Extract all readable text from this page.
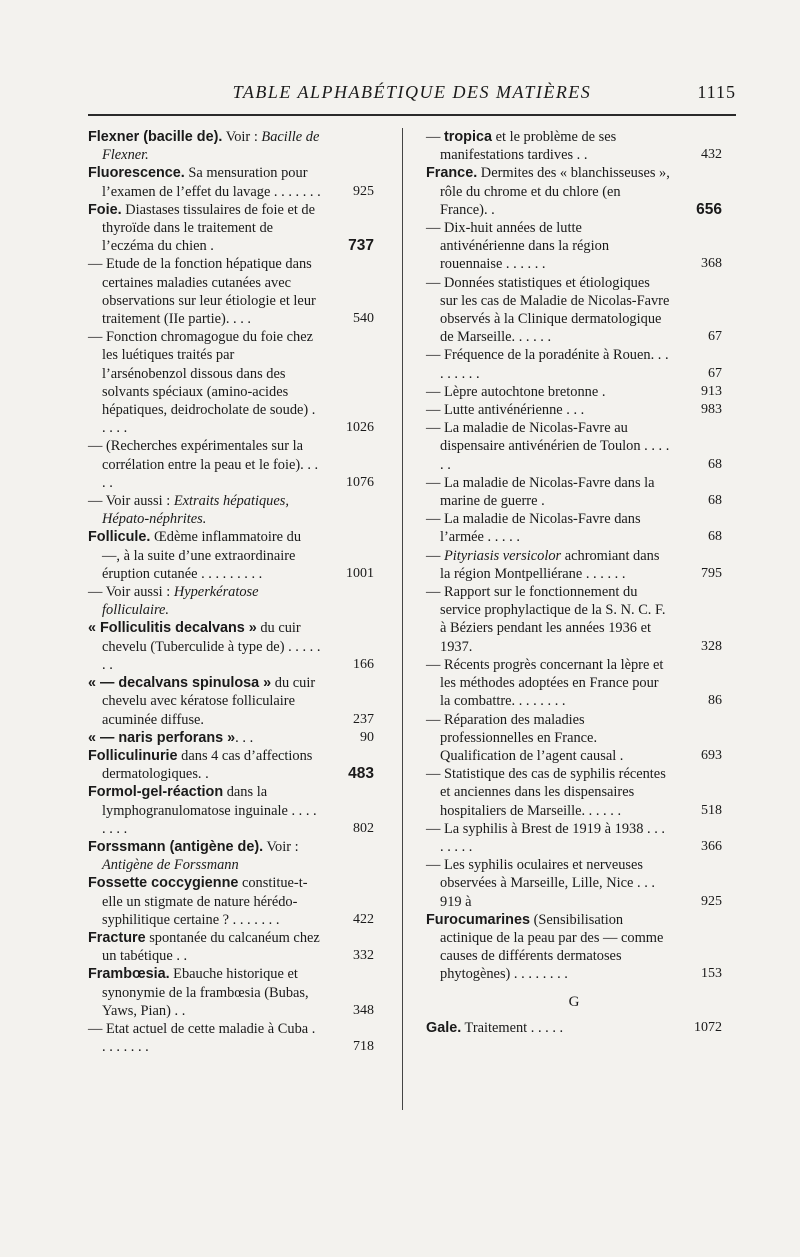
TABLE ALPHABÉTIQUE DES MATIÈRES	1115
Flexner (bacille de). Voir : Bacille de Flexner.
Fluorescence. Sa mensuration pour l’examen de l’effet du lavage . . . . . . . 925
Foie. Diastases tissulaires de foie et de thyroïde dans le traitement de l’eczéma du chien .	737
— Etude de la fonction hépatique dans certaines maladies cutanées avec observations sur leur étiologie et leur traitement (IIe partie). . . .	540
— Fonction chromagogue du foie chez les luétiques traités par l’arsénobenzol dissous dans des solvants spéciaux (amino-acides hépatiques, deidrocholate de soude) . . . . .	1026
— (Recherches expérimentales sur la corrélation entre la peau et le foie). . . . .	1076
— Voir aussi : Extraits hépatiques, Hépato-néphrites.
Follicule. Œdème inflammatoire du —, à la suite d’une extraordinaire éruption cutanée . . . . . . . . .	1001
— Voir aussi : Hyperkératose folliculaire.
« Folliculitis decalvans » du cuir chevelu (Tuberculide à type de) . . . . . . .	166
« — decalvans spinulosa » du cuir chevelu avec kératose folliculaire acuminée diffuse.	237
« — naris perforans ». . .	90
Folliculinurie dans 4 cas d’affections dermatologiques. .	483
Formol-gel-réaction dans la lymphogranulomatose inguinale . . . . . . . .	802
Forssmann (antigène de). Voir : Antigène de Forssmann
Fossette coccygienne constitue-t-elle un stigmate de nature hérédo-syphilitique certaine ? . . . . . . .	422
Fracture spontanée du calcanéum chez un tabétique . .	332
Frambœsia. Ebauche historique et synonymie de la frambœsia (Bubas, Yaws, Pian) . .	348
— Etat actuel de cette maladie à Cuba . . . . . . . .	718
— tropica et le problème de ses manifestations tardives . .	432
France. Dermites des « blanchisseuses », rôle du chrome et du chlore (en France). .	656
— Dix-huit années de lutte antivénérienne dans la région rouennaise . . . . . .	368
— Données statistiques et étiologiques sur les cas de Maladie de Nicolas-Favre observés à la Clinique dermatologique de Marseille. . . . . .	67
— Fréquence de la poradénite à Rouen. . . . . . . . .	67
— Lèpre autochtone bretonne .	913
— Lutte antivénérienne . . .	983
— La maladie de Nicolas-Favre au dispensaire antivénérien de Toulon . . . . . .	68
— La maladie de Nicolas-Favre dans la marine de guerre .	68
— La maladie de Nicolas-Favre dans l’armée . . . . .	68
— Pityriasis versicolor achromiant dans la région Montpelliérane . . . . . .	795
— Rapport sur le fonctionnement du service prophylactique de la S. N. C. F. à Béziers pendant les années 1936 et 1937.	328
— Récents progrès concernant la lèpre et les méthodes adoptées en France pour la combattre. . . . . . . .	86
— Réparation des maladies professionnelles en France. Qualification de l’agent causal .	693
— Statistique des cas de syphilis récentes et anciennes dans les dispensaires hospitaliers de Marseille. . . . . .	518
— La syphilis à Brest de 1919 à 1938 . . . . . . . .	366
— Les syphilis oculaires et nerveuses observées à Marseille, Lille, Nice . . . 919 à	925
Furocumarines (Sensibilisation actinique de la peau par des — comme causes de différents dermatoses phytogènes) . . . . . . . .	153
G
Gale. Traitement . . . . .	1072
